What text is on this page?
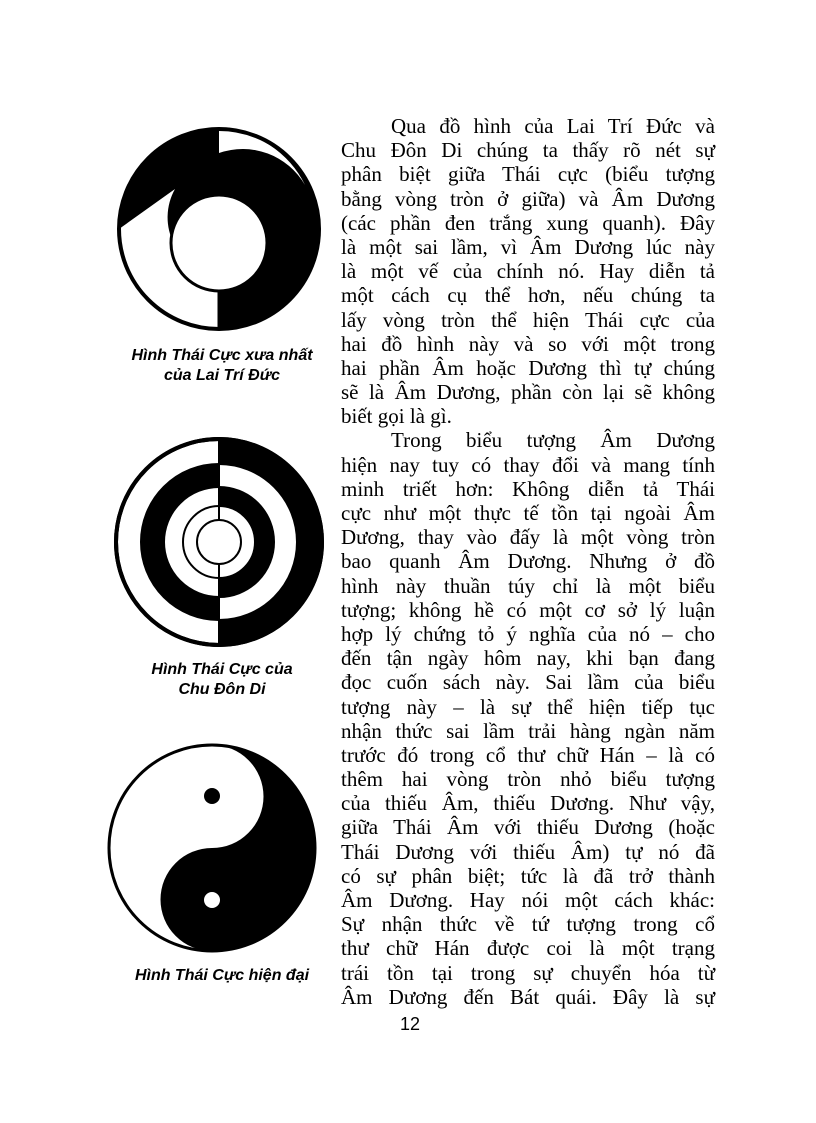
Hình Thái Cực xưa nhất
của Lai Trí Đức
Hình Thái Cực của
Chu Đôn Di
Hình Thái Cực hiện đại
Qua đồ hình của Lai Trí Đức và
Chu Đôn Di chúng ta thấy rõ nét sự
phân biệt giữa Thái cực (biểu tượng
bằng vòng tròn ở giữa) và Âm Dương
(các phần đen trắng xung quanh). Đây
là một sai lầm, vì Âm Dương lúc này
là một vế của chính nó. Hay diễn tả
một cách cụ thể hơn, nếu chúng ta
lấy vòng tròn thể hiện Thái cực của
hai đồ hình này và so với một trong
hai phần Âm hoặc Dương thì tự chúng
sẽ là Âm Dương, phần còn lại sẽ không
biết gọi là gì.
Trong biểu tượng Âm Dương
hiện nay tuy có thay đổi và mang tính
minh triết hơn: Không diễn tả Thái
cực như một thực tế tồn tại ngoài Âm
Dương, thay vào đấy là một vòng tròn
bao quanh Âm Dương. Nhưng ở đồ
hình này thuần túy chỉ là một biểu
tượng; không hề có một cơ sở lý luận
hợp lý chứng tỏ ý nghĩa của nó – cho
đến tận ngày hôm nay, khi bạn đang
đọc cuốn sách này. Sai lầm của biểu
tượng này – là sự thể hiện tiếp tục
nhận thức sai lầm trải hàng ngàn năm
trước đó trong cổ thư chữ Hán – là có
thêm hai vòng tròn nhỏ biểu tượng
của thiếu Âm, thiếu Dương. Như vậy,
giữa Thái Âm với thiếu Dương (hoặc
Thái Dương với thiếu Âm) tự nó đã
có sự phân biệt; tức là đã trở thành
Âm Dương. Hay nói một cách khác:
Sự nhận thức về tứ tượng trong cổ
thư chữ Hán được coi là một trạng
trái tồn tại trong sự chuyển hóa từ
Âm Dương đến Bát quái. Đây là sự
12
